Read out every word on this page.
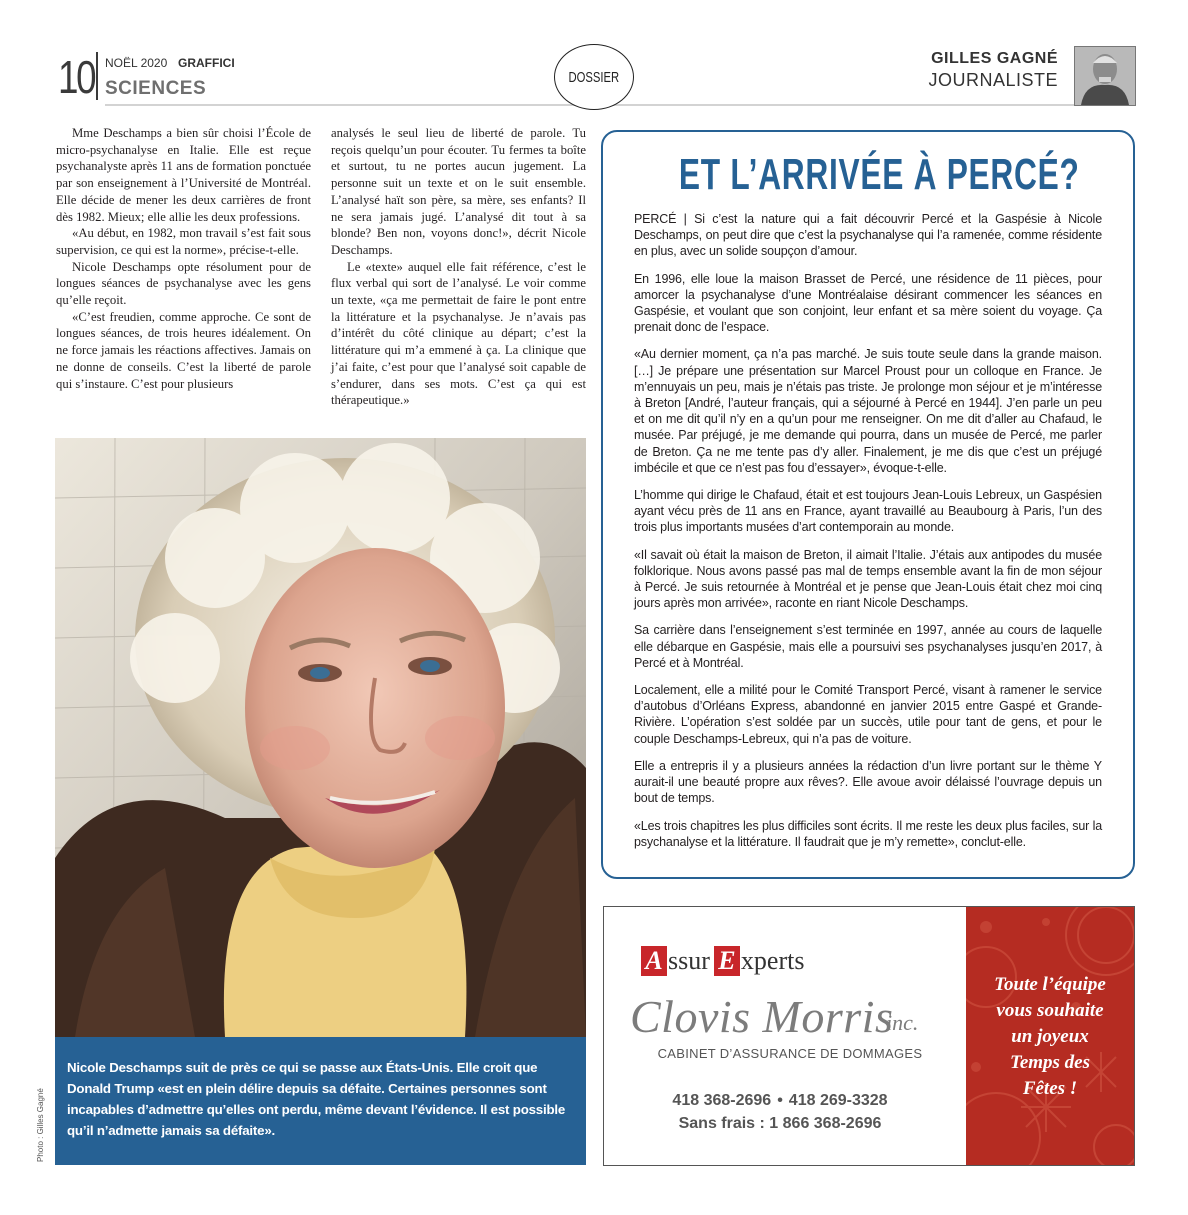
10 NOËL 2020 GRAFFICI
SCIENCES
DOSSIER
GILLES GAGNÉ
JOURNALISTE

Mme Deschamps a bien sûr choisi l’École de micro-psychanalyse en Italie. Elle est reçue psychanalyste après 11 ans de formation ponctuée par son enseignement à l’Université de Montréal. Elle décide de mener les deux carrières de front dès 1982. Mieux; elle allie les deux professions.

«Au début, en 1982, mon travail s’est fait sous supervision, ce qui est la norme», précise-t-elle.

Nicole Deschamps opte résolument pour de longues séances de psychanalyse avec les gens qu’elle reçoit.

«C’est freudien, comme approche. Ce sont de longues séances, de trois heures idéalement. On ne force jamais les réactions affectives. Jamais on ne donne de conseils. C’est la liberté de parole qui s’instaure. C’est pour plusieurs

analysés le seul lieu de liberté de parole. Tu reçois quelqu’un pour écouter. Tu fermes ta boîte et surtout, tu ne portes aucun jugement. La personne suit un texte et on le suit ensemble. L’analysé haït son père, sa mère, ses enfants? Il ne sera jamais jugé. L’analysé dit tout à sa blonde? Ben non, voyons donc!», décrit Nicole Deschamps.

Le «texte» auquel elle fait référence, c’est le flux verbal qui sort de l’analysé. Le voir comme un texte, «ça me permettait de faire le pont entre la littérature et la psychanalyse. Je n’avais pas d’intérêt du côté clinique au départ; c’est la littérature qui m’a emmené à ça. La clinique que j’ai faite, c’est pour que l’analysé soit capable de s’endurer, dans ses mots. C’est ça qui est thérapeutique.»

Nicole Deschamps suit de près ce qui se passe aux États-Unis. Elle croit que Donald Trump «est en plein délire depuis sa défaite. Certaines personnes sont incapables d’admettre qu’elles ont perdu, même devant l’évidence. Il est possible qu’il n’admette jamais sa défaite».
Photo : Gilles Gagné
ET L’ARRIVÉE À PERCÉ?

PERCÉ | Si c’est la nature qui a fait découvrir Percé et la Gaspésie à Nicole Deschamps, on peut dire que c’est la psychanalyse qui l’a ramenée, comme résidente en plus, avec un solide soupçon d’amour.

En 1996, elle loue la maison Brasset de Percé, une résidence de 11 pièces, pour amorcer la psychanalyse d’une Montréalaise désirant commencer les séances en Gaspésie, et voulant que son conjoint, leur enfant et sa mère soient du voyage. Ça prenait donc de l’espace.

«Au dernier moment, ça n’a pas marché. Je suis toute seule dans la grande maison. […] Je prépare une présentation sur Marcel Proust pour un colloque en France. Je m’ennuyais un peu, mais je n’étais pas triste. Je prolonge mon séjour et je m’intéresse à Breton [André, l’auteur français, qui a séjourné à Percé en 1944]. J’en parle un peu et on me dit qu’il n’y en a qu’un pour me renseigner. On me dit d’aller au Chafaud, le musée. Par préjugé, je me demande qui pourra, dans un musée de Percé, me parler de Breton. Ça ne me tente pas d’y aller. Finalement, je me dis que c’est un préjugé imbécile et que ce n’est pas fou d’essayer», évoque-t-elle.

L’homme qui dirige le Chafaud, était et est toujours Jean-Louis Lebreux, un Gaspésien ayant vécu près de 11 ans en France, ayant travaillé au Beaubourg à Paris, l’un des trois plus importants musées d’art contemporain au monde.

«Il savait où était la maison de Breton, il aimait l’Italie. J’étais aux antipodes du musée folklorique. Nous avons passé pas mal de temps ensemble avant la fin de mon séjour à Percé. Je suis retournée à Montréal et je pense que Jean-Louis était chez moi cinq jours après mon arrivée», raconte en riant Nicole Deschamps.

Sa carrière dans l’enseignement s’est terminée en 1997, année au cours de laquelle elle débarque en Gaspésie, mais elle a poursuivi ses psychanalyses jusqu’en 2017, à Percé et à Montréal.

Localement, elle a milité pour le Comité Transport Percé, visant à ramener le service d’autobus d’Orléans Express, abandonné en janvier 2015 entre Gaspé et Grande-Rivière. L’opération s’est soldée par un succès, utile pour tant de gens, et pour le couple Deschamps-Lebreux, qui n’a pas de voiture.

Elle a entrepris il y a plusieurs années la rédaction d’un livre portant sur le thème Y aurait-il une beauté propre aux rêves?. Elle avoue avoir délaissé l’ouvrage depuis un bout de temps.

«Les trois chapitres les plus difficiles sont écrits. Il me reste les deux plus faciles, sur la psychanalyse et la littérature. Il faudrait que je m’y remette», conclut-elle.

A ssur E xperts
Clovis Morris
inc.
CABINET D’ASSURANCE DE DOMMAGES
418 368-2696 • 418 269-3328
Sans frais : 1 866 368-2696
Toute l’équipe
vous souhaite
un joyeux
Temps des
Fêtes !
